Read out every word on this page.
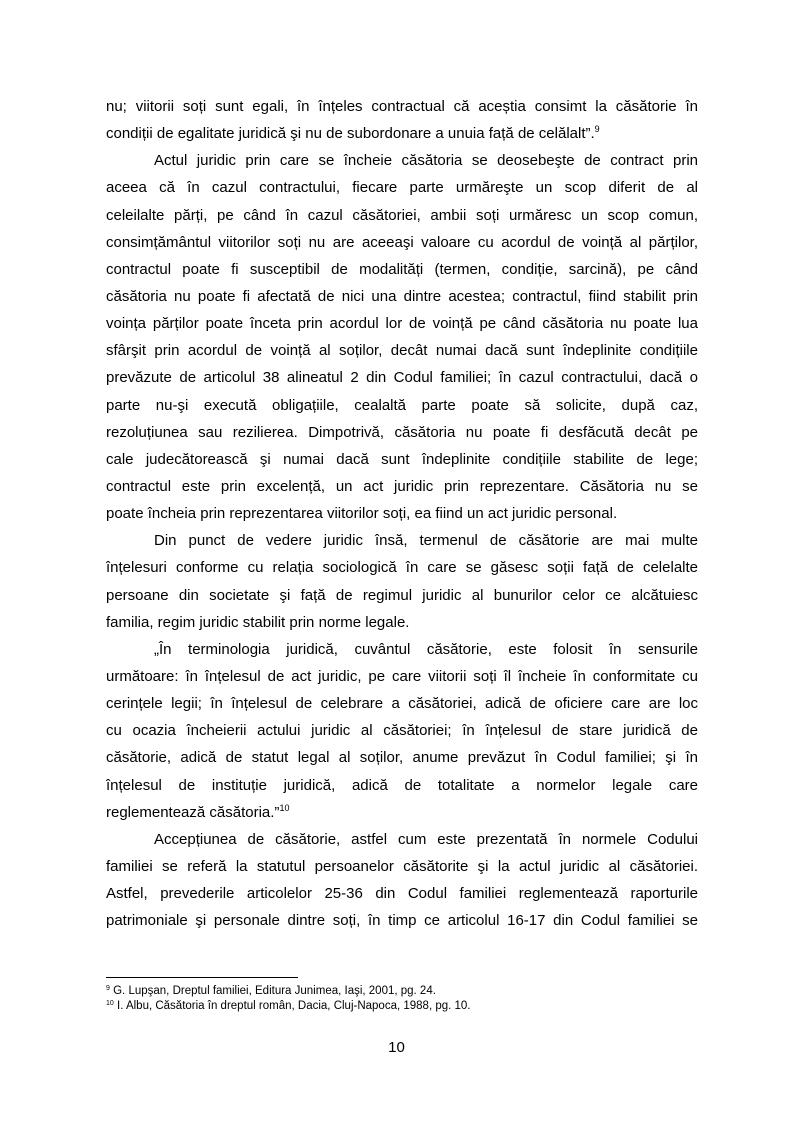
nu; viitorii soți sunt egali, în înțeles contractual că aceștia consimt la căsătorie în
condiții de egalitate juridică şi nu de subordonare a unuia față de celălalt”.$^9$
Actul juridic prin care se încheie căsătoria se deosebeşte de contract prin
aceea că în cazul contractului, fiecare parte urmăreşte un scop diferit de al
celeilalte părți, pe când în cazul căsătoriei, ambii soți urmăresc un scop comun,
consimțământul viitorilor soți nu are aceeaşi valoare cu acordul de voință al părților,
contractul poate fi susceptibil de modalități (termen, condiție, sarcină), pe când
căsătoria nu poate fi afectată de nici una dintre acestea; contractul, fiind stabilit prin
voința părților poate înceta prin acordul lor de voință pe când căsătoria nu poate lua
sfârşit prin acordul de voință al soților, decât numai dacă sunt îndeplinite condițiile
prevăzute de articolul 38 alineatul 2 din Codul familiei; în cazul contractului, dacă o
parte nu-şi execută obligațiile, cealaltă parte poate să solicite, după caz,
rezoluțiunea sau rezilierea. Dimpotrivă, căsătoria nu poate fi desfăcută decât pe
cale judecătorească şi numai dacă sunt îndeplinite condițiile stabilite de lege;
contractul este prin excelență, un act juridic prin reprezentare. Căsătoria nu se
poate încheia prin reprezentarea viitorilor soți, ea fiind un act juridic personal.
Din punct de vedere juridic însă, termenul de căsătorie are mai multe
înțelesuri conforme cu relația sociologică în care se găsesc soții față de celelalte
persoane din societate şi față de regimul juridic al bunurilor celor ce alcătuiesc
familia, regim juridic stabilit prin norme legale.
„În terminologia juridică, cuvântul căsătorie, este folosit în sensurile
următoare: în înțelesul de act juridic, pe care viitorii soți îl încheie în conformitate cu
cerințele legii; în înțelesul de celebrare a căsătoriei, adică de oficiere care are loc
cu ocazia încheierii actului juridic al căsătoriei; în înțelesul de stare juridică de
căsătorie, adică de statut legal al soților, anume prevăzut în Codul familiei; şi în
înțelesul de instituție juridică, adică de totalitate a normelor legale care
reglementează căsătoria.”$^{10}$
Accepțiunea de căsătorie, astfel cum este prezentată în normele Codului
familiei se referă la statutul persoanelor căsătorite şi la actul juridic al căsătoriei.
Astfel, prevederile articolelor 25-36 din Codul familiei reglementează raporturile
patrimoniale şi personale dintre soți, în timp ce articolul 16-17 din Codul familiei se
$^9$ G. Lupşan, Dreptul familiei, Editura Junimea, Iaşi, 2001, pg. 24.
$^{10}$ I. Albu, Căsătoria în dreptul român, Dacia, Cluj-Napoca, 1988, pg. 10.
10
